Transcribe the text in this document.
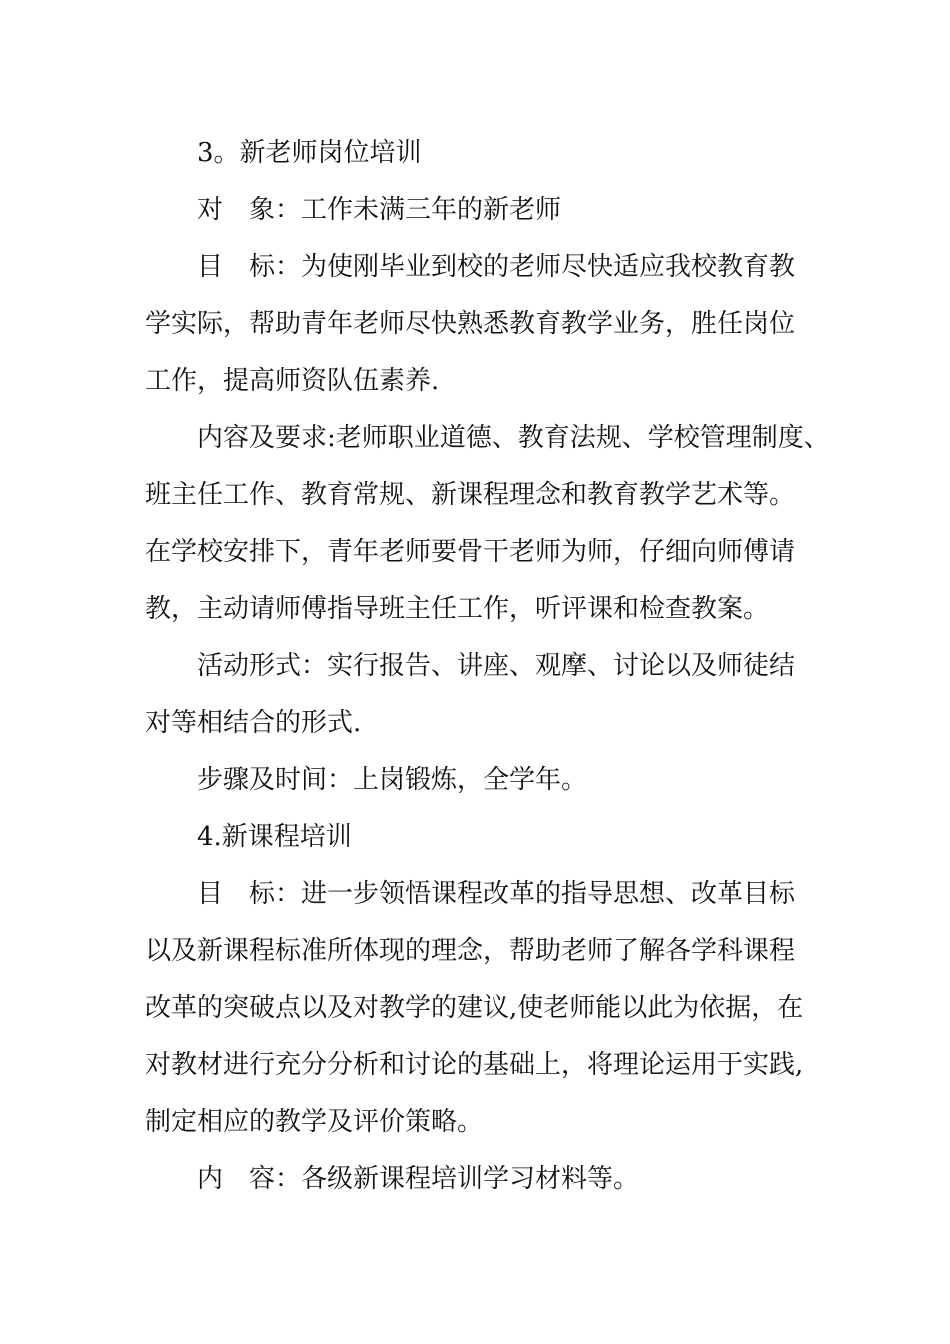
3。新老师岗位培训
对　象：工作未满三年的新老师
目　标：为使刚毕业到校的老师尽快适应我校教育教
学实际，帮助青年老师尽快熟悉教育教学业务，胜任岗位
工作，提高师资队伍素养.
内容及要求:老师职业道德、教育法规、学校管理制度、
班主任工作、教育常规、新课程理念和教育教学艺术等。
在学校安排下，青年老师要骨干老师为师，仔细向师傅请
教，主动请师傅指导班主任工作，听评课和检查教案。
活动形式：实行报告、讲座、观摩、讨论以及师徒结
对等相结合的形式.
步骤及时间：上岗锻炼，全学年。
4.新课程培训
目　标：进一步领悟课程改革的指导思想、改革目标
以及新课程标准所体现的理念，帮助老师了解各学科课程
改革的突破点以及对教学的建议,使老师能以此为依据，在
对教材进行充分分析和讨论的基础上，将理论运用于实践,
制定相应的教学及评价策略。
内　容：各级新课程培训学习材料等。
